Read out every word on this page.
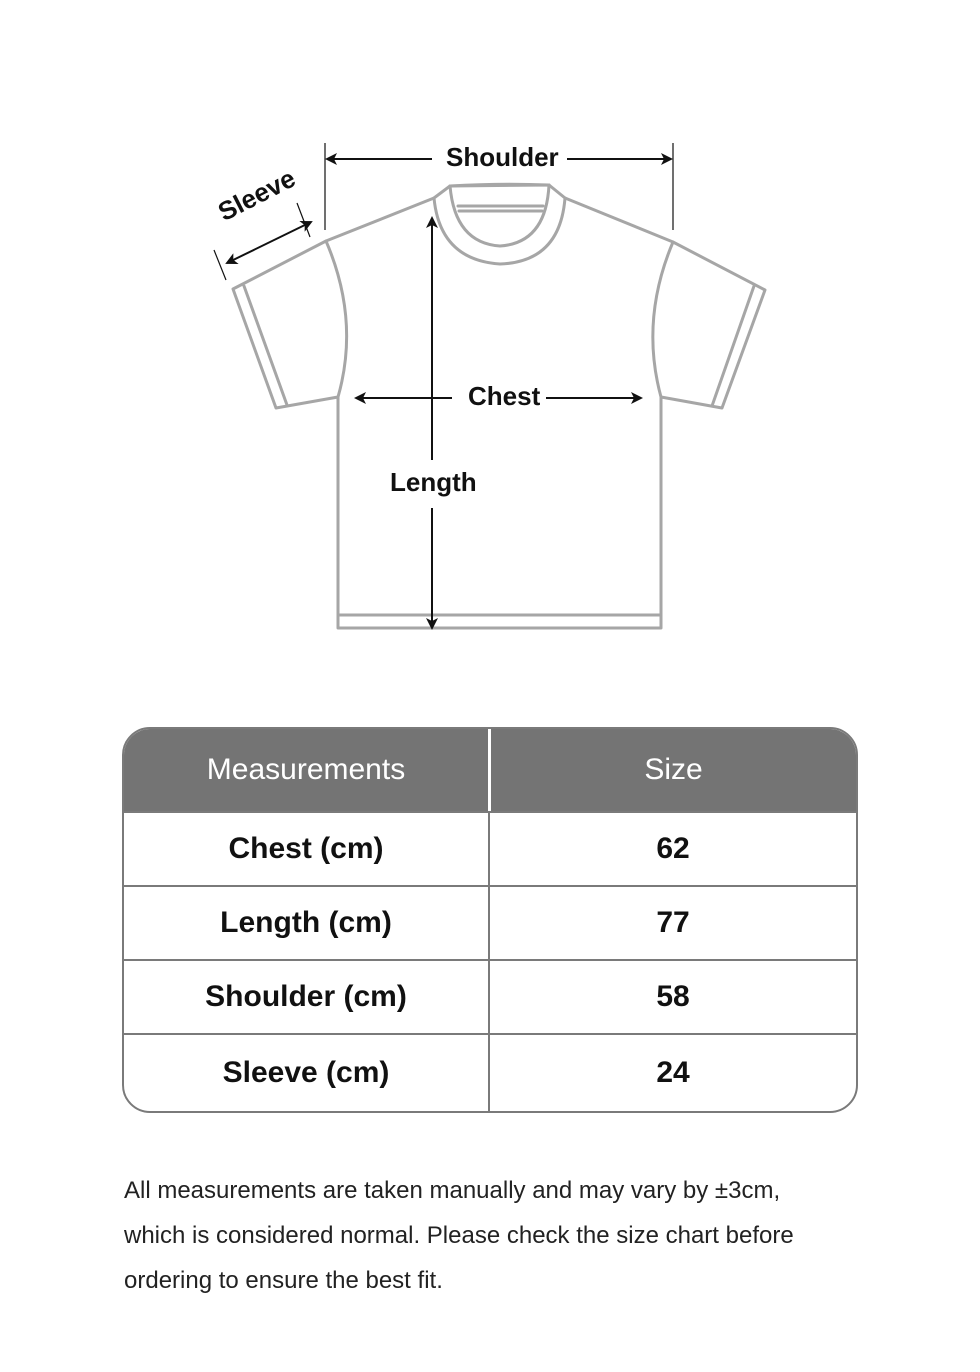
Shoulder
Sleeve
Chest
Length
Measurements	Size
Chest (cm)	62
Length (cm)	77
Shoulder (cm)	58
Sleeve (cm)	24

All measurements are taken manually and may vary by ±3cm,

which is considered normal. Please check the size chart before

ordering to ensure the best fit.
